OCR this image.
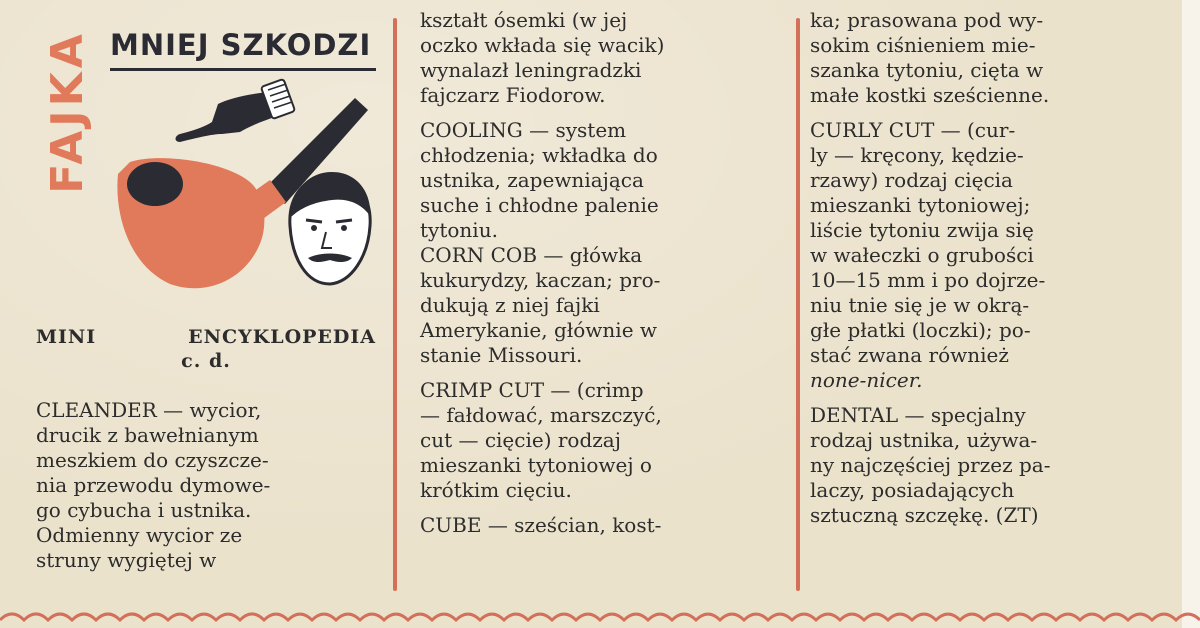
FAJKA MNIEJ SZKODZI
MINI	ENCYKLOPEDIA
c. d.
CLEANDER — wycior,
drucik z bawełnianym
meszkiem do czyszcze-
nia przewodu dymowe-
go cybucha i ustnika.
Odmienny wycior ze
struny wygiętej w
kształt ósemki (w jej
oczko wkłada się wacik)
wynalazł leningradzki
fajczarz Fiodorow.
COOLING — system
chłodzenia; wkładka do
ustnika, zapewniająca
suche i chłodne palenie
tytoniu.
CORN COB — główka
kukurydzy, kaczan; pro-
dukują z niej fajki
Amerykanie, głównie w
stanie Missouri.
CRIMP CUT — (crimp
— fałdować, marszczyć,
cut — cięcie) rodzaj
mieszanki tytoniowej o
krótkim cięciu.
CUBE — sześcian, kost-
ka; prasowana pod wy-
sokim ciśnieniem mie-
szanka tytoniu, cięta w
małe kostki sześcienne.
CURLY CUT — (cur-
ly — kręcony, kędzie-
rzawy) rodzaj cięcia
mieszanki tytoniowej;
liście tytoniu zwija się
w wałeczki o grubości
10—15 mm i po dojrze-
niu tnie się je w okrą-
głe płatki (loczki); po-
stać zwana również
none-nicer.
DENTAL — specjalny
rodzaj ustnika, używa-
ny najczęściej przez pa-
laczy, posiadających
sztuczną szczękę. (ZT)
